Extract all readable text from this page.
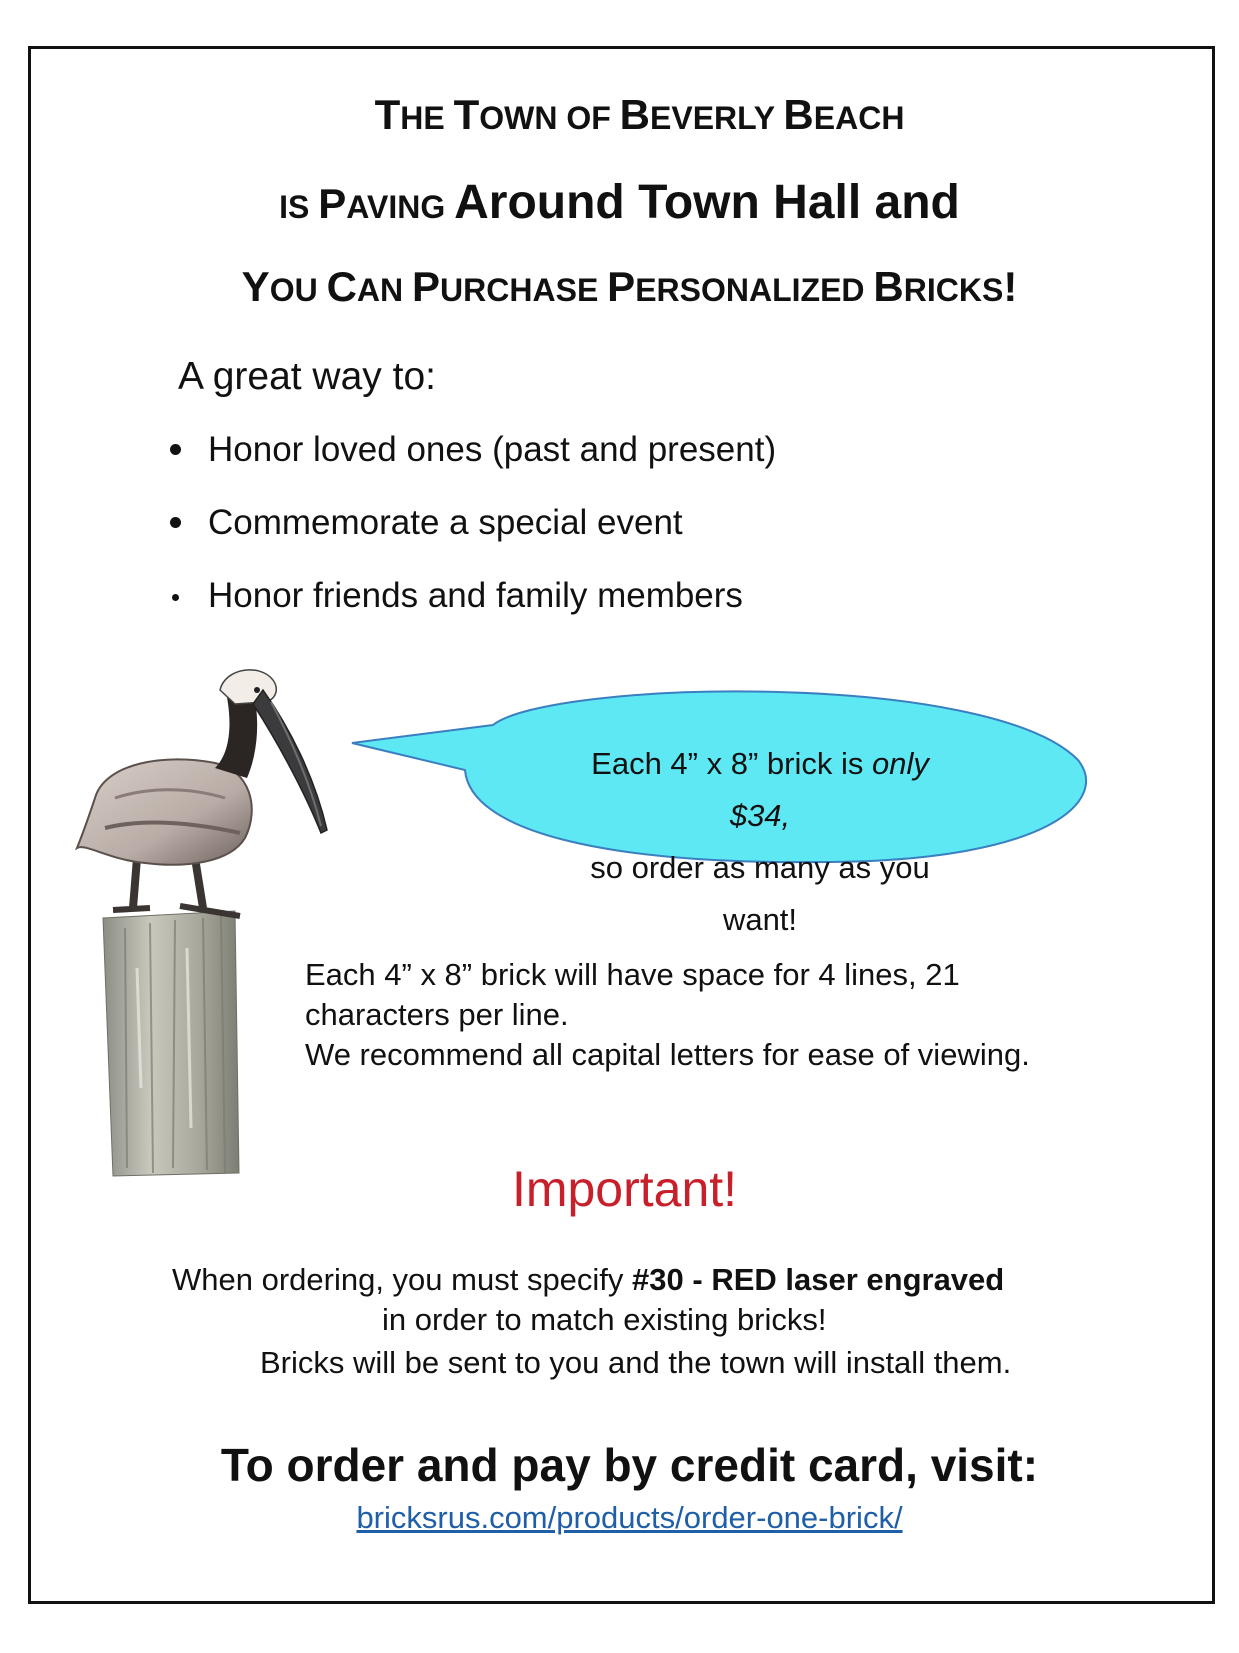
THE TOWN OF BEVERLY BEACH
IS PAVING Around Town Hall and
YOU CAN PURCHASE PERSONALIZED BRICKS!
A great way to:
Honor loved ones (past and present)
Commemorate a special event
Honor friends and family members
Each 4” x 8” brick is only $34,
so order as many as you want!
Each 4” x 8” brick will have space for 4 lines, 21
characters per line.
We recommend all capital letters for ease of viewing.
Important!
When ordering, you must specify #30 - RED laser engraved
in order to match existing bricks!
Bricks will be sent to you and the town will install them.
To order and pay by credit card, visit:
bricksrus.com/products/order-one-brick/
